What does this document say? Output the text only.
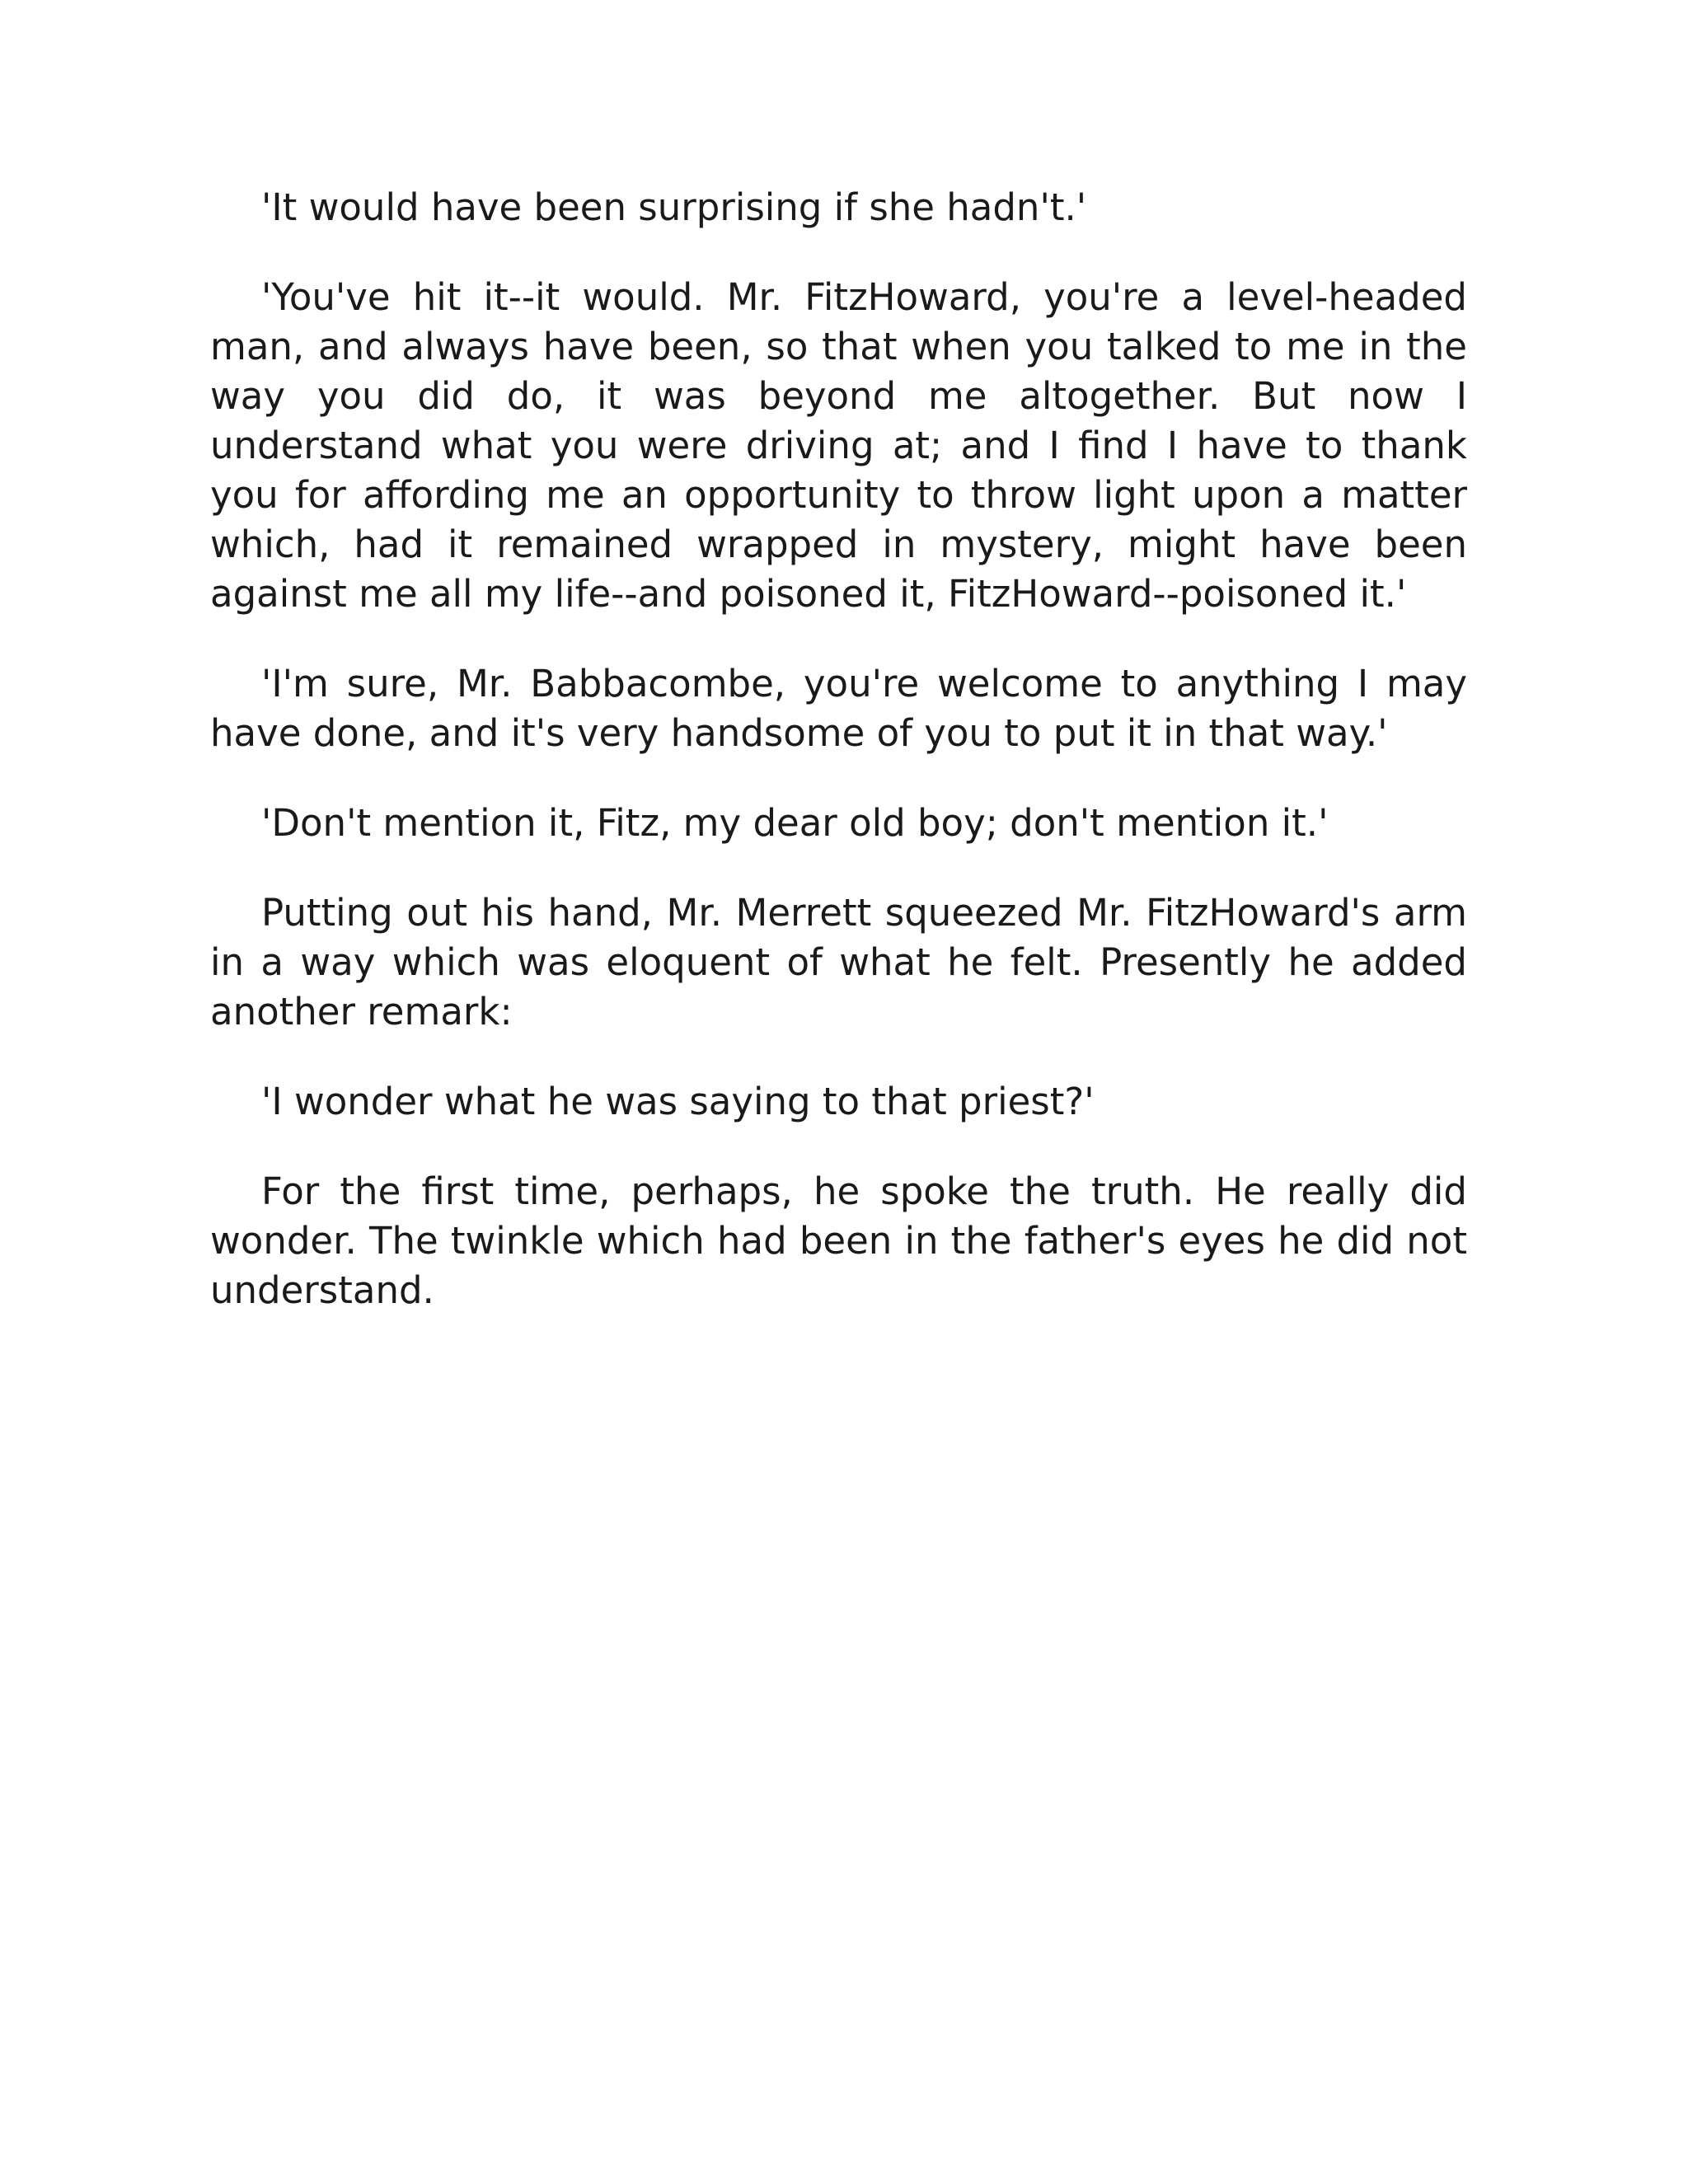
'It would have been surprising if she hadn't.'

'You've hit it--it would. Mr. FitzHoward, you're a level-headed man, and always have been, so that when you talked to me in the way you did do, it was beyond me altogether. But now I understand what you were driving at; and I find I have to thank you for affording me an opportunity to throw light upon a matter which, had it remained wrapped in mystery, might have been against me all my life--and poisoned it, FitzHoward--poisoned it.'

'I'm sure, Mr. Babbacombe, you're welcome to anything I may have done, and it's very handsome of you to put it in that way.'

'Don't mention it, Fitz, my dear old boy; don't mention it.'

Putting out his hand, Mr. Merrett squeezed Mr. FitzHoward's arm in a way which was eloquent of what he felt. Presently he added another remark:

'I wonder what he was saying to that priest?'

For the first time, perhaps, he spoke the truth. He really did wonder. The twinkle which had been in the father's eyes he did not understand.
